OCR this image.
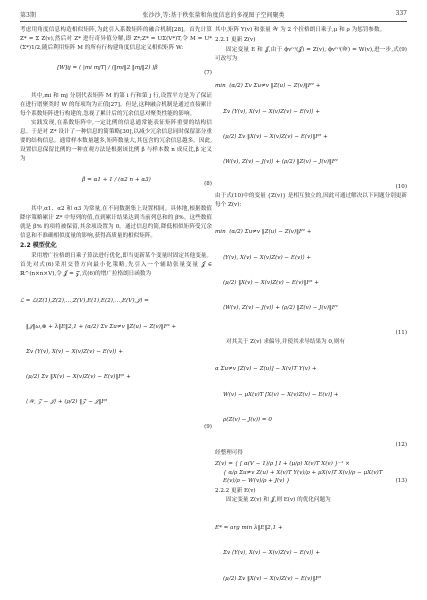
第3期	张沙沙,等:基于秩张量和角度信息的多视图子空间聚类	337

考虑用角度信息构造相似矩阵,为此引入系数矩阵的融合机制[28]。首先计算 Z* = Σ Z(v),然后对 Z* 进行奇异值分解,即 Z*;Z* = UΣ(V*)T,令 M = U*(Σ*)1/2,随后利用矩阵 M 的所有行构建角度信息定义相似矩阵 W:

[W]ij = ( |mi mjT| / (‖mi‖2 ‖mj‖2) )β

(7)

其中,mi 和 mj 分别代表矩阵 M 的第 i 行和第 j 行,设置平方是为了保证在进行谱聚类时 W 的每项均为正值[27]。但是,这种融合机制是通过直接累计每个系数矩阵进行构建的,忽视了累计后的冗余信息对聚类性能的影响。

实践发现,在系数矩阵中,一定比例的信息通常能表征矩阵重要的结构信息。于是对 Z* 设计了一种信息的简策略[30],以减少冗余信息同时保留部分重要的结构信息。通常样本数量越多,矩阵数量大,其包含的冗余信息越多。因此,设置信息保留比例的一种直观方法是根据该比例 β 与样本数 n 成反比,β 定义为

β = α1 + 1 / (α2 n + α3)

(8)

其中,α1、α2 和 α3 为常量,在不同数据集上设置相同。具体地,根据数值降序策略累计 Z* 中每列的值,直到累计结果达到当前列总和的 β%。这些数值就是 β% 的项将被保留,其余项设置为 0。通过信息约简,降低相似矩阵受冗余信息和不准确相似度量的影响,获得高质量的相似矩阵。

2.2 模型优化

采用增广拉格朗日乘子算法进行优化,即当更新某个变量时固定其他变量。首先对式(6)采用交替方向最小化策略,先引入一个辅助张量变量 𝒥 ∈ ℝ^(n×n×V),令 𝒥 = 𝒵,式(6)的增广拉格朗日函数为

ℒ = ℒ(Z(1),Z(2),…,Z(V),E(1),E(2),…,E(V),𝒥) =

‖𝒥‖ω,⊛ + λ‖E‖2,1 + (α/2) Σv Σu≠v ‖Z(u) − Z(v)‖F² +

Σv ⟨Y(v), X(v) − X(v)Z(v) − E(v)⟩ +

(μ/2) Σv ‖X(v) − X(v)Z(v) − E(v)‖F² +

⟨𝒲, 𝒵 − 𝒥⟩ + (ρ/2) ‖𝒵 − 𝒥‖F²

(9)

其中,矩阵 Y(v) 和张量 𝒲 为 2 个拉格朗日乘子,μ 和 ρ 为惩罚参数。

2.2.1 更新 Z(v)

固定变量 E 和 𝒥,由于 ϕv⁽ᵛ⁾(𝒥) = Z(v), ϕv⁽ᵛ⁾(𝒲) = W(v),进一步,式(9)可改写为

min  (α/2) Σv Σu≠v ‖Z(u) − Z(v)‖F² +

Σv ⟨Y(v), X(v) − X(v)Z(v) − E(v)⟩ +

(μ/2) Σv ‖X(v) − X(v)Z(v) − E(v)‖F² +

⟨W(v), Z(v) − J(v)⟩ + (ρ/2) ‖Z(v) − J(v)‖F²

(10)

由于式(10)中的变量 {Z(v)} 是相互独立的,因此可通过解决以下问题分别更新每个 Z(v):

min  (α/2) Σu≠v ‖Z(u) − Z(v)‖F² +

⟨Y(v), X(v) − X(v)Z(v) − E(v)⟩ +

(μ/2) ‖X(v) − X(v)Z(v) − E(v)‖F² +

⟨W(v), Z(v) − J(v)⟩ + (ρ/2) ‖Z(v) − J(v)‖F²

(11)

对其关于 Z(v) 求偏导,并使其求导结果为 0,则有

α Σu≠v [Z(v) − Z(u)] − X(v)T Y(v) +

W(v) − μX(v)T [X(v) − X(v)Z(v) − E(v)] +

ρ(Z(v) − J(v)) = 0

(12)

经整理可得

Z(v) = { [ α(V − 1)/ρ ] I + (μ/ρ) X(v)T X(v) }⁻¹ ×
{ α/ρ Σu≠v Z(u) + X(v)T Y(v)/ρ + μX(v)T X(v)/ρ − μX(v)T E(v)/ρ − W(v)/ρ + J(v) }	(13)
2.2.2 更新 E(v)

固定变量 Z(v) 和 𝒥,则 E(v) 的优化问题为

E* = arg min λ‖E‖2,1 +

Σv ⟨Y(v), X(v) − X(v)Z(v) − E(v)⟩ +

(μ/2) Σv ‖X(v) − X(v)Z(v) − E(v)‖F²
